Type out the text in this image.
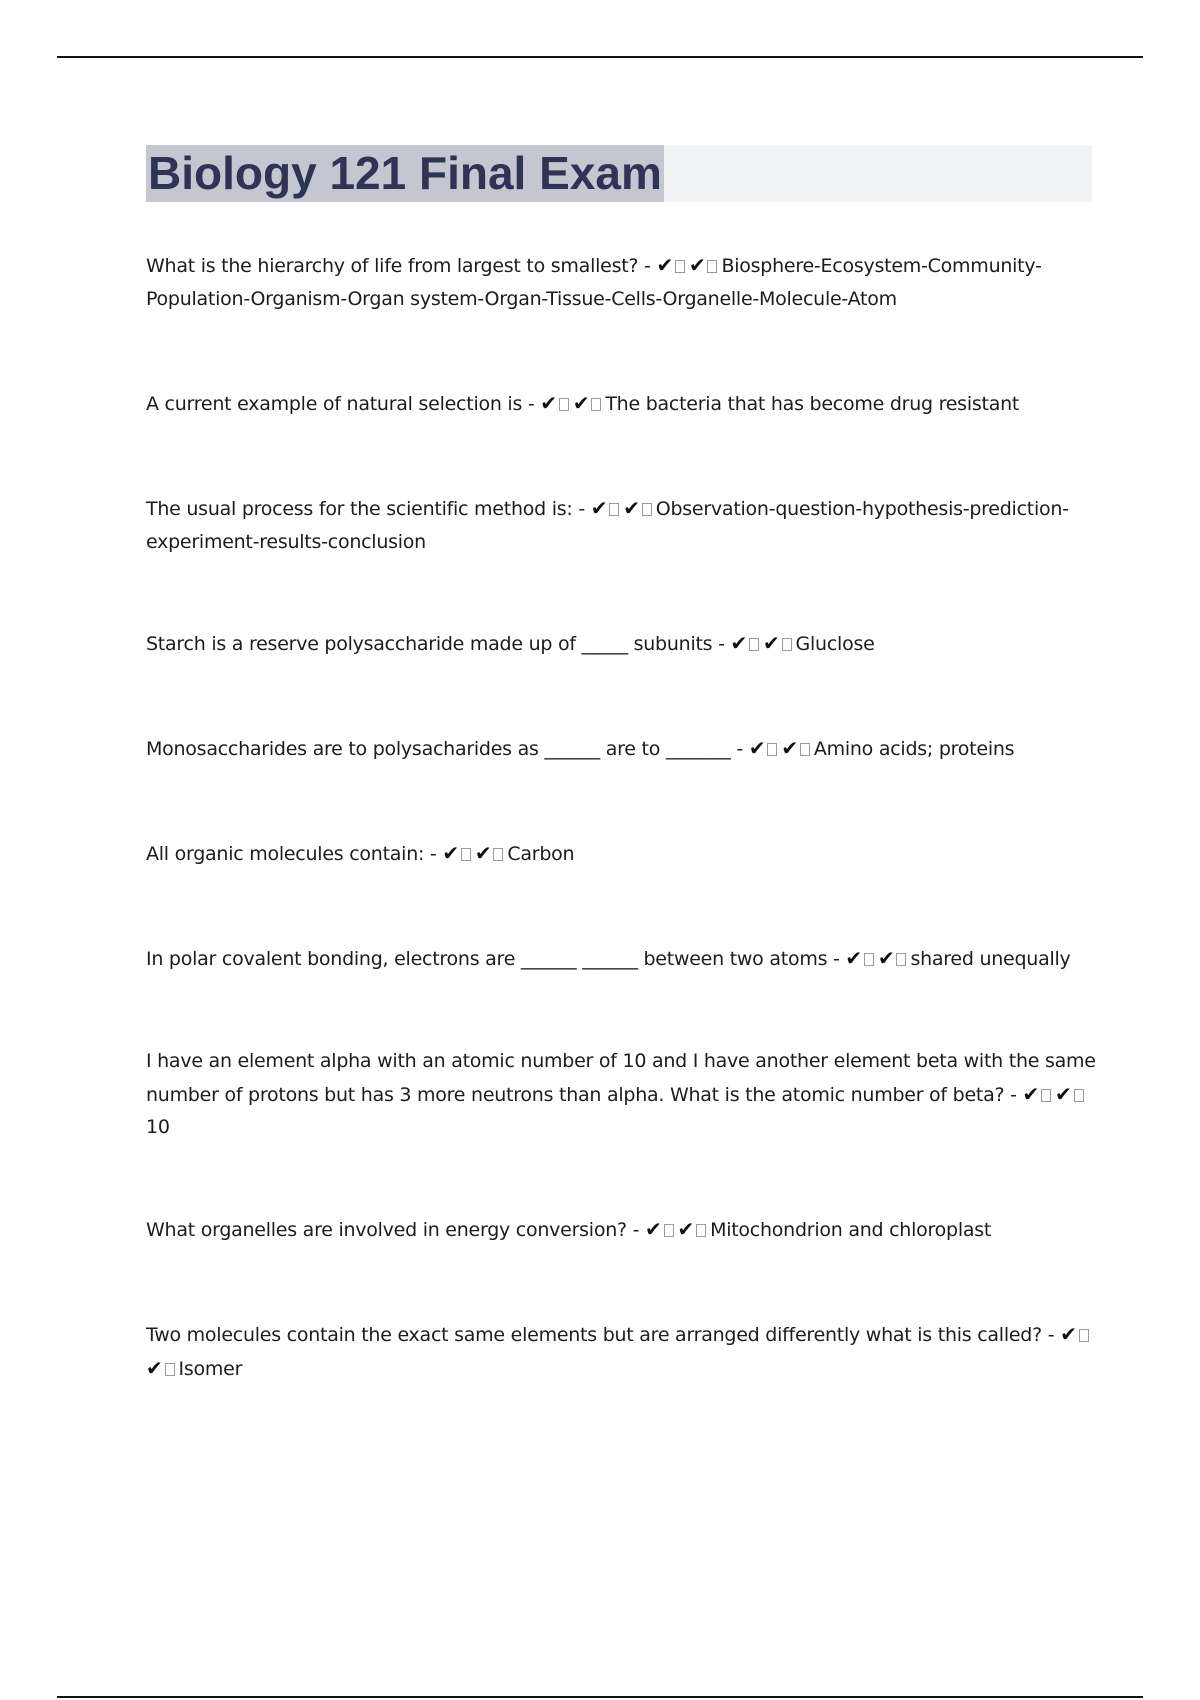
Biology 121 Final Exam
What is the hierarchy of life from largest to smallest? - ✔ ✔ Biosphere-Ecosystem-Community-Population-Organism-Organ system-Organ-Tissue-Cells-Organelle-Molecule-Atom
A current example of natural selection is - ✔ ✔ The bacteria that has become drug resistant
The usual process for the scientific method is: - ✔ ✔ Observation-question-hypothesis-prediction-experiment-results-conclusion
Starch is a reserve polysaccharide made up of _____ subunits - ✔ ✔ Gluclose
Monosaccharides are to polysacharides as ______ are to _______ - ✔ ✔ Amino acids; proteins
All organic molecules contain: - ✔ ✔ Carbon
In polar covalent bonding, electrons are ______ ______ between two atoms - ✔ ✔ shared unequally
I have an element alpha with an atomic number of 10 and I have another element beta with the same number of protons but has 3 more neutrons than alpha. What is the atomic number of beta? - ✔ ✔10
What organelles are involved in energy conversion? - ✔ ✔ Mitochondrion and chloroplast
Two molecules contain the exact same elements but are arranged differently what is this called? - ✔✔ Isomer
